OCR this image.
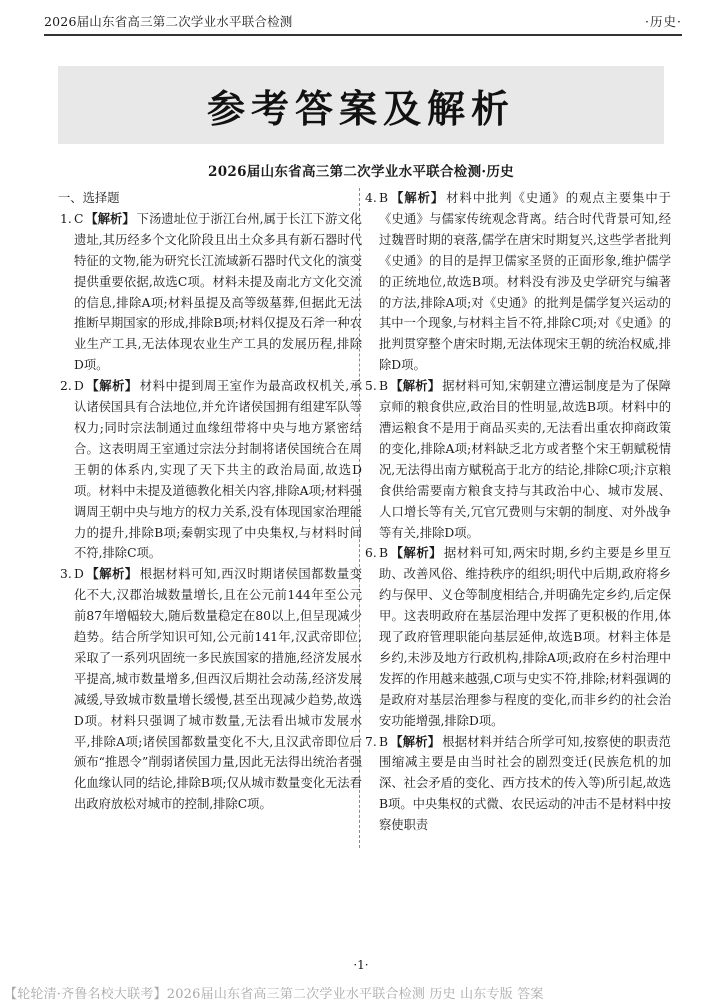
2026届山东省高三第二次学业水平联合检测	·历史·
参考答案及解析
2026届山东省高三第二次学业水平联合检测·历史
一、选择题
1. C 【解析】 下汤遗址位于浙江台州,属于长江下游文化遗址,其历经多个文化阶段且出土众多具有新石器时代特征的文物,能为研究长江流域新石器时代文化的演变提供重要依据,故选C项。材料未提及南北方文化交流的信息,排除A项;材料虽提及高等级墓葬,但据此无法推断早期国家的形成,排除B项;材料仅提及石斧一种农业生产工具,无法体现农业生产工具的发展历程,排除D项。
2. D 【解析】 材料中提到周王室作为最高政权机关,承认诸侯国具有合法地位,并允许诸侯国拥有组建军队等权力;同时宗法制通过血缘纽带将中央与地方紧密结合。这表明周王室通过宗法分封制将诸侯国统合在周王朝的体系内,实现了天下共主的政治局面,故选D项。材料中未提及道德教化相关内容,排除A项;材料强调周王朝中央与地方的权力关系,没有体现国家治理能力的提升,排除B项;秦朝实现了中央集权,与材料时间不符,排除C项。
3. D 【解析】 根据材料可知,西汉时期诸侯国都数量变化不大,汉郡治城数量增长,且在公元前144年至公元前87年增幅较大,随后数量稳定在80以上,但呈现减少趋势。结合所学知识可知,公元前141年,汉武帝即位,采取了一系列巩固统一多民族国家的措施,经济发展水平提高,城市数量增多,但西汉后期社会动荡,经济发展减缓,导致城市数量增长缓慢,甚至出现减少趋势,故选D项。材料只强调了城市数量,无法看出城市发展水平,排除A项;诸侯国都数量变化不大,且汉武帝即位后颁布“推恩令”削弱诸侯国力量,因此无法得出统治者强化血缘认同的结论,排除B项;仅从城市数量变化无法看出政府放松对城市的控制,排除C项。
4. B 【解析】 材料中批判《史通》的观点主要集中于《史通》与儒家传统观念背离。结合时代背景可知,经过魏晋时期的衰落,儒学在唐宋时期复兴,这些学者批判《史通》的目的是捍卫儒家圣贤的正面形象,维护儒学的正统地位,故选B项。材料没有涉及史学研究与编著的方法,排除A项;对《史通》的批判是儒学复兴运动的其中一个现象,与材料主旨不符,排除C项;对《史通》的批判贯穿整个唐宋时期,无法体现宋王朝的统治权威,排除D项。
5. B 【解析】 据材料可知,宋朝建立漕运制度是为了保障京师的粮食供应,政治目的性明显,故选B项。材料中的漕运粮食不是用于商品买卖的,无法看出重农抑商政策的变化,排除A项;材料缺乏北方或者整个宋王朝赋税情况,无法得出南方赋税高于北方的结论,排除C项;汴京粮食供给需要南方粮食支持与其政治中心、城市发展、人口增长等有关,冗官冗费则与宋朝的制度、对外战争等有关,排除D项。
6. B 【解析】 据材料可知,两宋时期,乡约主要是乡里互助、改善风俗、维持秩序的组织;明代中后期,政府将乡约与保甲、义仓等制度相结合,并明确先定乡约,后定保甲。这表明政府在基层治理中发挥了更积极的作用,体现了政府管理职能向基层延伸,故选B项。材料主体是乡约,未涉及地方行政机构,排除A项;政府在乡村治理中发挥的作用越来越强,C项与史实不符,排除;材料强调的是政府对基层治理参与程度的变化,而非乡约的社会治安功能增强,排除D项。
7. B 【解析】 根据材料并结合所学可知,按察使的职责范围缩减主要是由当时社会的剧烈变迁(民族危机的加深、社会矛盾的变化、西方技术的传入等)所引起,故选B项。中央集权的式微、农民运动的冲击不是材料中按察使职责
·1·
【轮轮清·齐鲁名校大联考】2026届山东省高三第二次学业水平联合检测 历史 山东专版 答案
